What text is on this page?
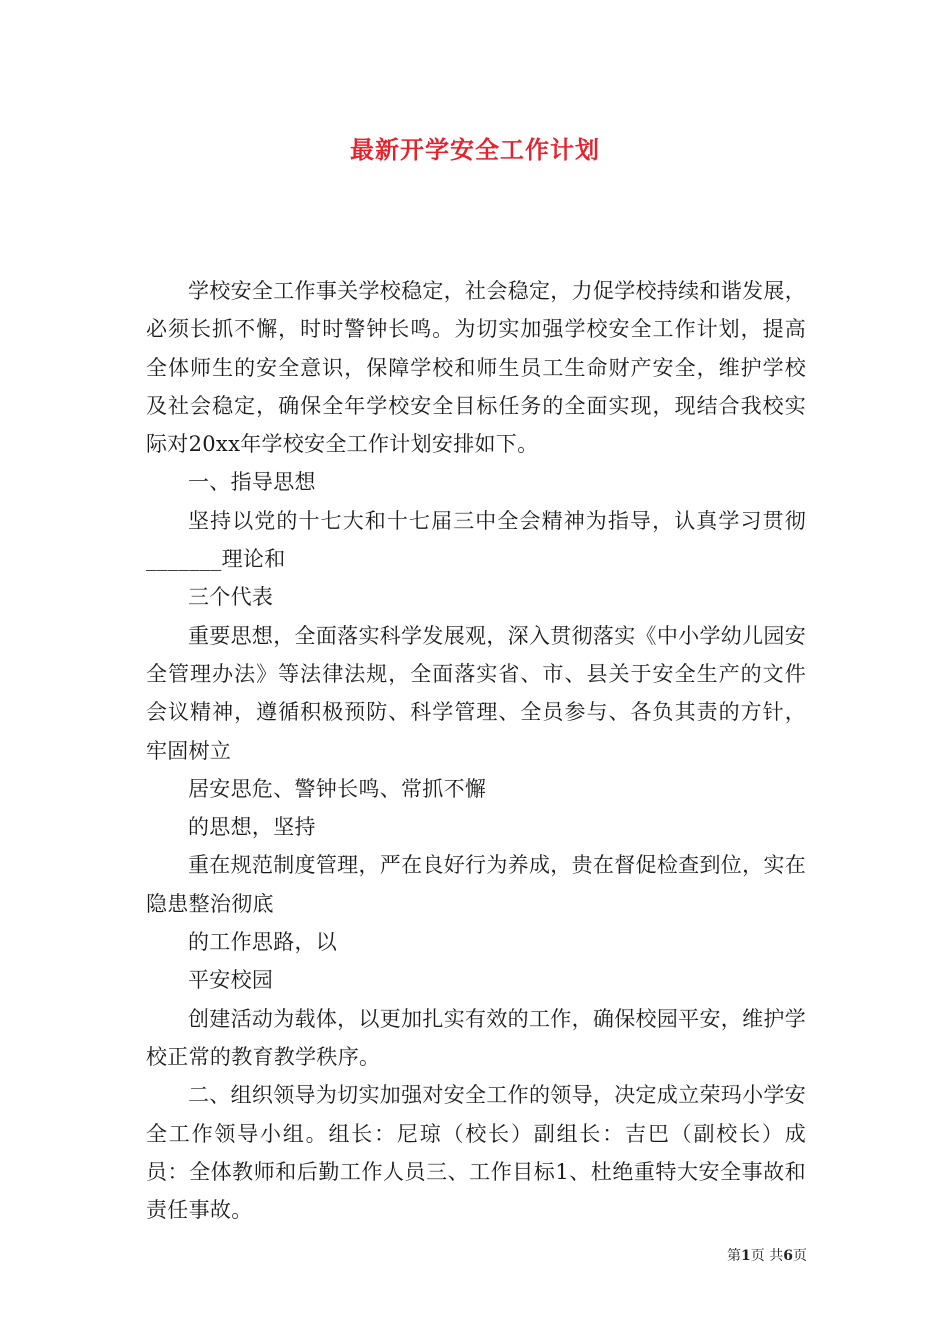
最新开学安全工作计划

学校安全工作事关学校稳定，社会稳定，力促学校持续和谐发展，必须长抓不懈，时时警钟长鸣。为切实加强学校安全工作计划，提高全体师生的安全意识，保障学校和师生员工生命财产安全，维护学校及社会稳定，确保全年学校安全目标任务的全面实现，现结合我校实际对20xx年学校安全工作计划安排如下。

一、指导思想

坚持以党的十七大和十七届三中全会精神为指导，认真学习贯彻_______理论和

三个代表

重要思想，全面落实科学发展观，深入贯彻落实《中小学幼儿园安全管理办法》等法律法规，全面落实省、市、县关于安全生产的文件会议精神，遵循积极预防、科学管理、全员参与、各负其责的方针，牢固树立

居安思危、警钟长鸣、常抓不懈

的思想，坚持

重在规范制度管理，严在良好行为养成，贵在督促检查到位，实在隐患整治彻底

的工作思路，以

平安校园

创建活动为载体，以更加扎实有效的工作，确保校园平安，维护学校正常的教育教学秩序。

二、组织领导为切实加强对安全工作的领导，决定成立荣玛小学安全工作领导小组。组长：尼琼（校长）副组长：吉巴（副校长）成员：全体教师和后勤工作人员三、工作目标1、杜绝重特大安全事故和责任事故。

第1页 共6页
